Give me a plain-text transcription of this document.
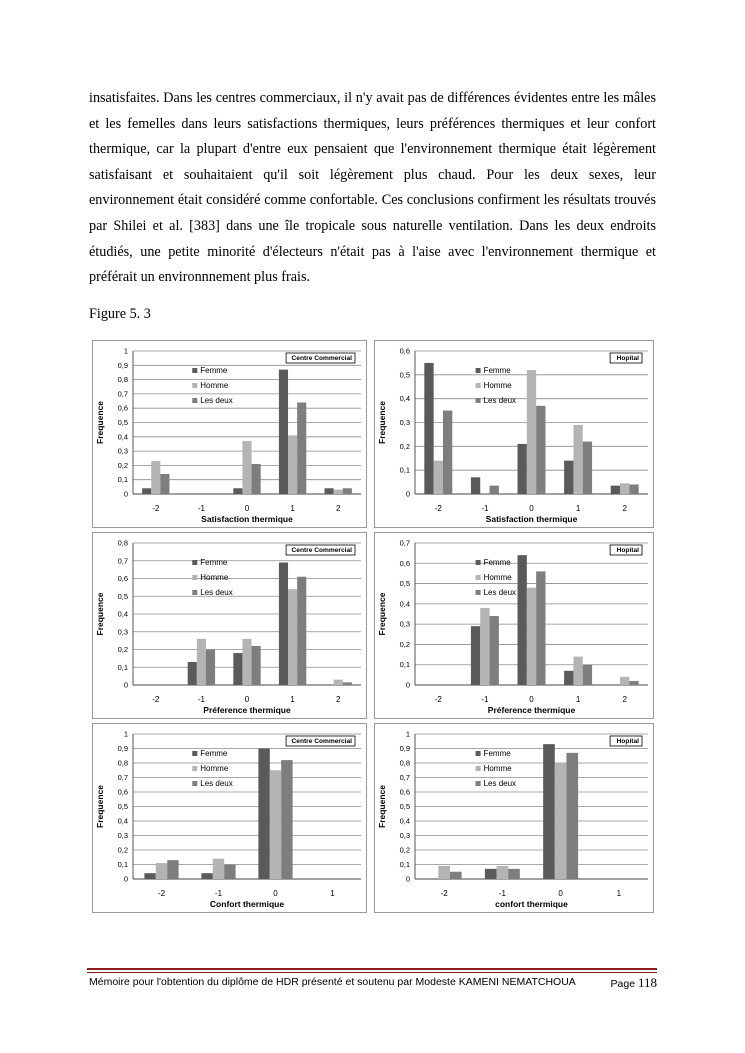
insatisfaites. Dans les centres commerciaux, il n'y avait pas de différences évidentes entre les mâles et les femelles dans leurs satisfactions thermiques, leurs préférences thermiques et leur confort thermique, car la plupart d'entre eux pensaient que l'environnement thermique était légèrement satisfaisant et souhaitaient qu'il soit légèrement plus chaud. Pour les deux sexes, leur environnement était considéré comme confortable. Ces conclusions confirment les résultats trouvés par Shilei et al. [383] dans une île tropicale sous naturelle ventilation. Dans les deux endroits étudiés, une petite minorité d'électeurs n'était pas à l'aise avec l'environnement thermique et préférait un environnnement plus frais.

Figure 5. 3
0
0,1
0,2
0,3
0,4
0,5
0,6
0,7
0,8
0,9
1
-2	-1	0	1	2
Satisfaction thermique
Frequence
Femme
Homme
Les deux
Centre Commercial
0
0,1
0,2
0,3
0,4
0,5
0,6
-2	-1	0	1	2
Satisfaction thermique
Frequence
Femme
Homme
Les deux
Hopital
0
0,1
0,2
0,3
0,4
0,5
0,6
0,7
0,8
-2	-1	0	1	2
Préference thermique
Frequence
Femme
Homme
Les deux
Centre Commercial
0
0,1
0,2
0,3
0,4
0,5
0,6
0,7
-2	-1	0	1	2
Préference thermique
Frequence
Femme
Homme
Les deux
Hopital
0
0,1
0,2
0,3
0,4
0,5
0,6
0,7
0,8
0,9
1
-2	-1	0	1
Confort thermique
Frequence
Femme
Homme
Les deux
Centre Commercial
0
0,1
0,2
0,3
0,4
0,5
0,6
0,7
0,8
0,9
1
-2	-1	0	1
confort thermique
Frequence
Femme
Homme
Les deux
Hopital
Mémoire pour l'obtention du diplôme de HDR présenté et soutenu par Modeste KAMENI NEMATCHOUA	Page 118
